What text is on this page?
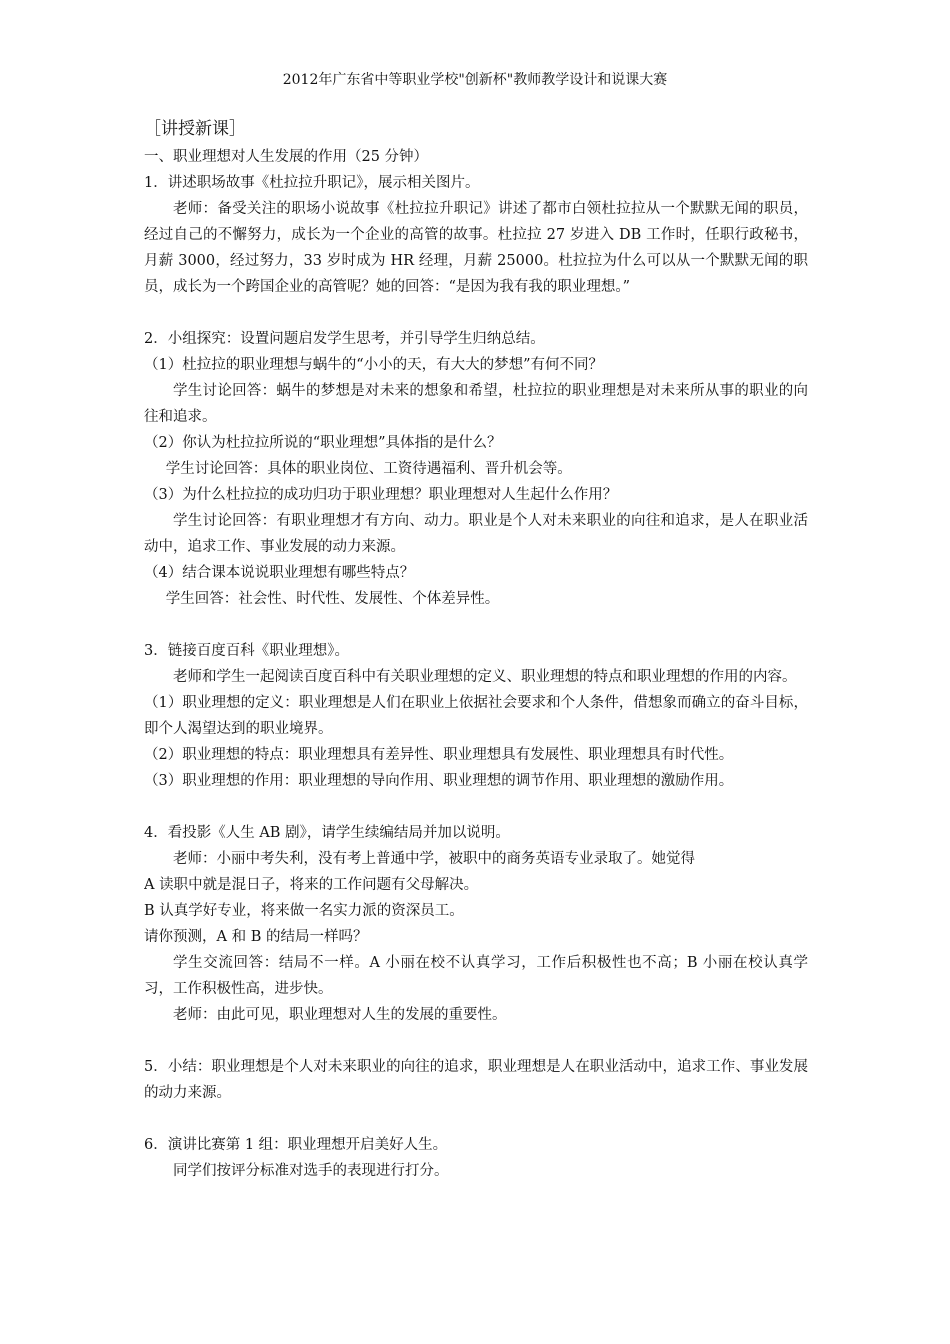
2012年广东省中等职业学校"创新杯"教师教学设计和说课大赛
［讲授新课］
一、职业理想对人生发展的作用（25 分钟）
1．讲述职场故事《杜拉拉升职记》，展示相关图片。
老师：备受关注的职场小说故事《杜拉拉升职记》讲述了都市白领杜拉拉从一个默默无闻的职员，经过自己的不懈努力，成长为一个企业的高管的故事。杜拉拉 27 岁进入 DB 工作时，任职行政秘书，月薪 3000，经过努力，33 岁时成为 HR 经理，月薪 25000。杜拉拉为什么可以从一个默默无闻的职员，成长为一个跨国企业的高管呢？她的回答：“是因为我有我的职业理想。”
2．小组探究：设置问题启发学生思考，并引导学生归纳总结。
（1）杜拉拉的职业理想与蜗牛的“小小的天，有大大的梦想”有何不同？
学生讨论回答：蜗牛的梦想是对未来的想象和希望，杜拉拉的职业理想是对未来所从事的职业的向往和追求。
（2）你认为杜拉拉所说的“职业理想”具体指的是什么？
学生讨论回答：具体的职业岗位、工资待遇福利、晋升机会等。
（3）为什么杜拉拉的成功归功于职业理想？职业理想对人生起什么作用？
学生讨论回答：有职业理想才有方向、动力。职业是个人对未来职业的向往和追求，是人在职业活动中，追求工作、事业发展的动力来源。
（4）结合课本说说职业理想有哪些特点？
学生回答：社会性、时代性、发展性、个体差异性。
3．链接百度百科《职业理想》。
老师和学生一起阅读百度百科中有关职业理想的定义、职业理想的特点和职业理想的作用的内容。
（1）职业理想的定义：职业理想是人们在职业上依据社会要求和个人条件，借想象而确立的奋斗目标，即个人渴望达到的职业境界。
（2）职业理想的特点：职业理想具有差异性、职业理想具有发展性、职业理想具有时代性。
（3）职业理想的作用：职业理想的导向作用、职业理想的调节作用、职业理想的激励作用。
4．看投影《人生 AB 剧》，请学生续编结局并加以说明。
老师：小丽中考失利，没有考上普通中学，被职中的商务英语专业录取了。她觉得
A 读职中就是混日子，将来的工作问题有父母解决。
B 认真学好专业，将来做一名实力派的资深员工。
请你预测，A 和 B 的结局一样吗？
学生交流回答：结局不一样。A 小丽在校不认真学习，工作后积极性也不高；B 小丽在校认真学习，工作积极性高，进步快。
老师：由此可见，职业理想对人生的发展的重要性。
5．小结：职业理想是个人对未来职业的向往的追求，职业理想是人在职业活动中，追求工作、事业发展的动力来源。
6．演讲比赛第 1 组：职业理想开启美好人生。
同学们按评分标准对选手的表现进行打分。
